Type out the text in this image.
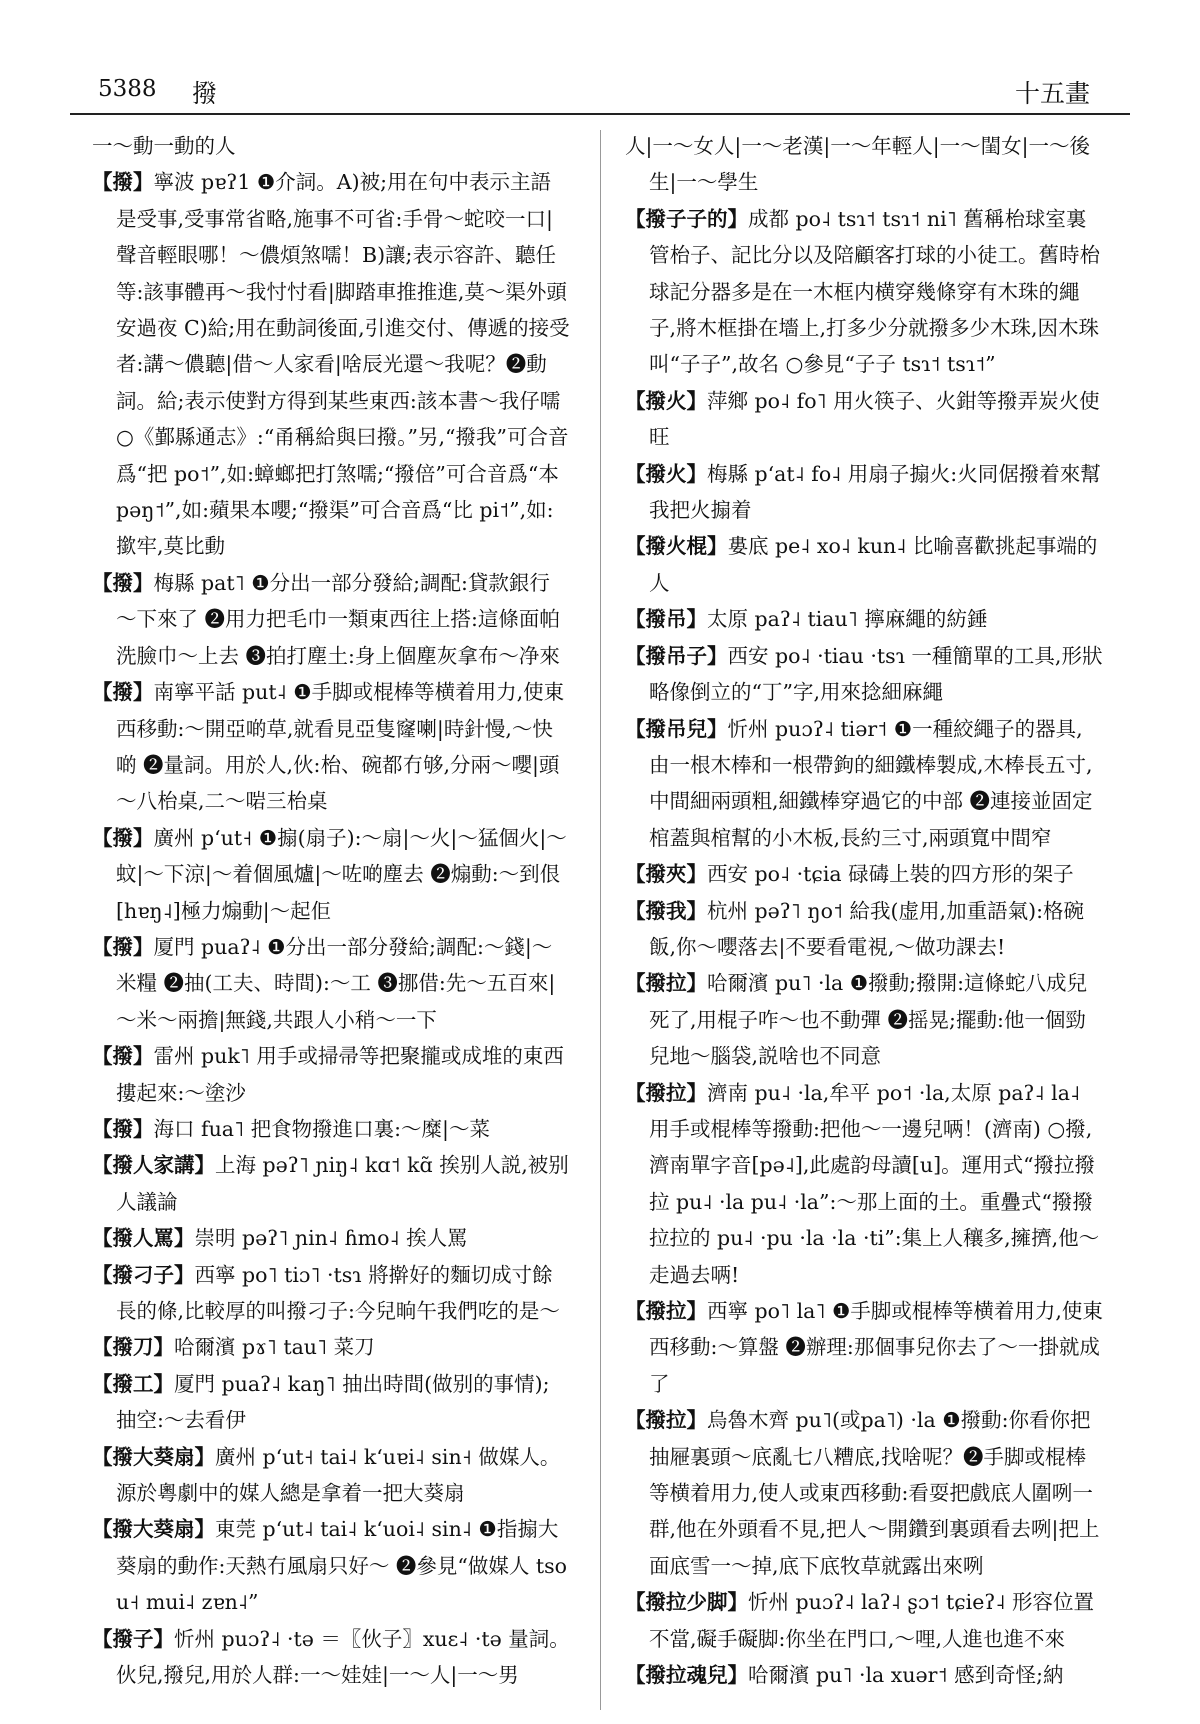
5388 撥	十五畫

一～動一動的人

【撥】寧波 pɐʔ1 ❶介詞。A)被;用在句中表示主語是受事,受事常省略,施事不可省:手骨～蛇咬一口|聲音輕眼哪！～儂煩煞嚅！B)讓;表示容許、聽任等:該事體再～我忖忖看|脚踏車推推進,莫～渠外頭安過夜 C)給;用在動詞後面,引進交付、傳遞的接受者:講～儂聽|借～人家看|啥辰光還～我呢？❷動詞。給;表示使對方得到某些東西:該本書～我仔嚅 ○《鄞縣通志》:“甬稱給與曰撥。”另,“撥我”可合音爲“把 po˦”,如:蟑螂把打煞嚅;“撥倍”可合音爲“本 pəŋ˦”,如:蘋果本嚶;“撥渠”可合音爲“比 pi˦”,如:撳牢,莫比動

【撥】梅縣 pat˥ ❶分出一部分發給;調配:貸款銀行～下來了 ❷用力把毛巾一類東西往上搭:這條面帕洗臉巾～上去 ❸拍打塵土:身上個塵灰拿布～净來

【撥】南寧平話 put˨ ❶手脚或棍棒等横着用力,使東西移動:～開亞啲草,就看見亞隻窿喇|時針慢,～快啲 ❷量詞。用於人,伙:枱、碗都冇够,分兩～嚶|頭～八枱桌,二～啱三枱桌

【撥】廣州 pʻut˧ ❶搧(扇子):～扇|～火|～猛個火|～蚊|～下涼|～着個風爐|～咗啲塵去 ❷煽動:～到佷[hɐŋ˨]極力煽動|～起佢

【撥】厦門 puaʔ˨ ❶分出一部分發給;調配:～錢|～米糧 ❷抽(工夫、時間):～工 ❸挪借:先～五百來|～米～兩擔|無錢,共跟人小稍～一下

【撥】雷州 puk˥ 用手或掃帚等把聚攏或成堆的東西摟起來:～塗沙

【撥】海口 fua˥ 把食物撥進口裏:～糜|～菜

【撥人家講】上海 pəʔ˥ ɲiŋ˨ kɑ˦ kɑ̃ 挨别人説,被别人議論

【撥人罵】崇明 pəʔ˥ ɲin˨ ɦmo˨ 挨人罵

【撥刁子】西寧 po˥ tiɔ˥ ·tsɿ 將擀好的麵切成寸餘長的條,比較厚的叫撥刁子:今兒晌午我們吃的是～

【撥刀】哈爾濱 pɤ˥ tau˥ 菜刀

【撥工】厦門 puaʔ˨ kaŋ˥ 抽出時間(做别的事情);抽空:～去看伊

【撥大葵扇】廣州 pʻut˧ tai˨ kʻuɐi˨ sin˧ 做媒人。源於粵劇中的媒人總是拿着一把大葵扇

【撥大葵扇】東莞 pʻut˨ tai˨ kʻuoi˨ sin˨ ❶指搧大葵扇的動作:天熱冇風扇只好～ ❷參見“做媒人 tsou˧ mui˨ zɐn˨”

【撥子】忻州 puɔʔ˨ ·tə ＝〖伙子〗xuɛ˨ ·tə 量詞。伙兒,撥兒,用於人群:一～娃娃|一～人|一～男

人|一～女人|一～老漢|一～年輕人|一～閨女|一～後生|一～學生

【撥子子的】成都 po˨ tsɿ˦ tsɿ˦ ni˥ 舊稱枱球室裏管枱子、記比分以及陪顧客打球的小徒工。舊時枱球記分器多是在一木框内横穿幾條穿有木珠的繩子,將木框掛在墻上,打多少分就撥多少木珠,因木珠叫“子子”,故名 ○參見“子子 tsɿ˦ tsɿ˦”

【撥火】萍鄉 po˨ fo˥ 用火筷子、火鉗等撥弄炭火使旺

【撥火】梅縣 pʻat˨ fo˨ 用扇子搧火:火同倨撥着來幫我把火搧着

【撥火棍】婁底 pe˨ xo˨ kun˨ 比喻喜歡挑起事端的人

【撥吊】太原 paʔ˨ tiau˥ 擰麻繩的紡錘

【撥吊子】西安 po˨ ·tiau ·tsɿ 一種簡單的工具,形狀略像倒立的“丁”字,用來捻細麻繩

【撥吊兒】忻州 puɔʔ˨ tiər˦ ❶一種絞繩子的器具,由一根木棒和一根帶鉤的細鐵棒製成,木棒長五寸,中間細兩頭粗,細鐵棒穿過它的中部 ❷連接並固定棺蓋與棺幫的小木板,長約三寸,兩頭寬中間窄

【撥夾】西安 po˨ ·tɕia 碌碡上裝的四方形的架子

【撥我】杭州 pəʔ˥ ŋo˦ 給我(虚用,加重語氣):格碗飯,你～嚶落去|不要看電視,～做功課去!

【撥拉】哈爾濱 pu˥ ·la ❶撥動;撥開:這條蛇八成兒死了,用棍子咋～也不動彈 ❷摇晃;擺動:他一個勁兒地～腦袋,説啥也不同意

【撥拉】濟南 pu˨ ·la,牟平 po˦ ·la,太原 paʔ˨ la˨ 用手或棍棒等撥動:把他～一邊兒唡！(濟南) ○撥,濟南單字音[pə˨],此處韵母讀[u]。運用式“撥拉撥拉 pu˨ ·la pu˨ ·la”:～那上面的土。重疊式“撥撥拉拉的 pu˨ ·pu ·la ·la ·ti”:集上人穰多,擁擠,他～走過去唡!

【撥拉】西寧 po˥ la˥ ❶手脚或棍棒等横着用力,使東西移動:～算盤 ❷辦理:那個事兒你去了～一掛就成了

【撥拉】烏魯木齊 pu˥(或pa˥) ·la ❶撥動:你看你把抽屜裏頭～底亂七八糟底,找啥呢？❷手脚或棍棒等横着用力,使人或東西移動:看耍把戲底人圍咧一群,他在外頭看不見,把人～開鑽到裏頭看去咧|把上面底雪一～掉,底下底牧草就露出來咧

【撥拉少脚】忻州 puɔʔ˨ laʔ˨ ʂɔ˦ tɕieʔ˨ 形容位置不當,礙手礙脚:你坐在門口,～哩,人進也進不來

【撥拉魂兒】哈爾濱 pu˥ ·la xuər˦ 感到奇怪;納
